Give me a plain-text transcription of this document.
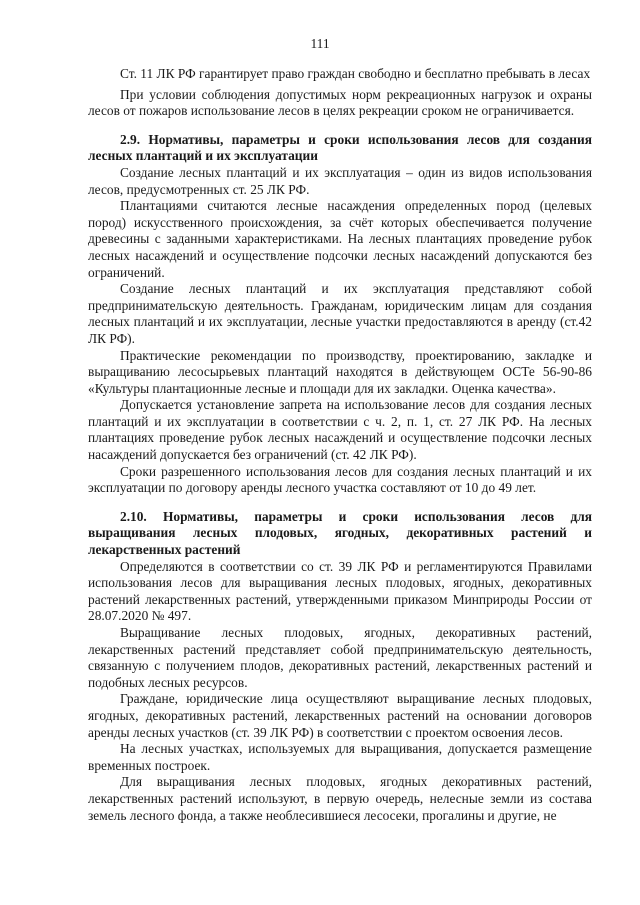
111

Ст. 11 ЛК РФ гарантирует право граждан свободно и бесплатно пребывать в лесах

При условии соблюдения допустимых норм рекреационных нагрузок и охраны лесов от пожаров использование лесов в целях рекреации сроком не ограничивается.

2.9. Нормативы, параметры и сроки использования лесов для создания лесных плантаций и их эксплуатации

Создание лесных плантаций и их эксплуатация – один из видов использования лесов, предусмотренных ст. 25 ЛК РФ.

Плантациями считаются лесные насаждения определенных пород (целевых пород) искусственного происхождения, за счёт которых обеспечивается получение древесины с заданными характеристиками. На лесных плантациях проведение рубок лесных насаждений и осуществление подсочки лесных насаждений допускаются без ограничений.

Создание лесных плантаций и их эксплуатация представляют собой предпринимательскую деятельность. Гражданам, юридическим лицам для создания лесных плантаций и их эксплуатации, лесные участки предоставляются в аренду (ст.42 ЛК РФ).

Практические рекомендации по производству, проектированию, закладке и выращиванию лесосырьевых плантаций находятся в действующем ОСТе 56-90-86 «Культуры плантационные лесные и площади для их закладки. Оценка качества».

Допускается установление запрета на использование лесов для создания лесных плантаций и их эксплуатации в соответствии с ч. 2, п. 1, ст. 27 ЛК РФ. На лесных плантациях проведение рубок лесных насаждений и осуществление подсочки лесных насаждений допускается без ограничений (ст. 42 ЛК РФ).

Сроки разрешенного использования лесов для создания лесных плантаций и их эксплуатации по договору аренды лесного участка составляют от 10 до 49 лет.

2.10. Нормативы, параметры и сроки использования лесов для выращивания лесных плодовых, ягодных, декоративных растений и лекарственных растений

Определяются в соответствии со ст. 39 ЛК РФ и регламентируются Правилами использования лесов для выращивания лесных плодовых, ягодных, декоративных растений лекарственных растений, утвержденными приказом Минприроды России от 28.07.2020 № 497.

Выращивание лесных плодовых, ягодных, декоративных растений, лекарственных растений представляет собой предпринимательскую деятельность, связанную с получением плодов, декоративных растений, лекарственных растений и подобных лесных ресурсов.

Граждане, юридические лица осуществляют выращивание лесных плодовых, ягодных, декоративных растений, лекарственных растений на основании договоров аренды лесных участков (ст. 39 ЛК РФ) в соответствии с проектом освоения лесов.

На лесных участках, используемых для выращивания, допускается размещение временных построек.

Для выращивания лесных плодовых, ягодных декоративных растений, лекарственных растений используют, в первую очередь, нелесные земли из состава земель лесного фонда, а также необлесившиеся лесосеки, прогалины и другие, не
